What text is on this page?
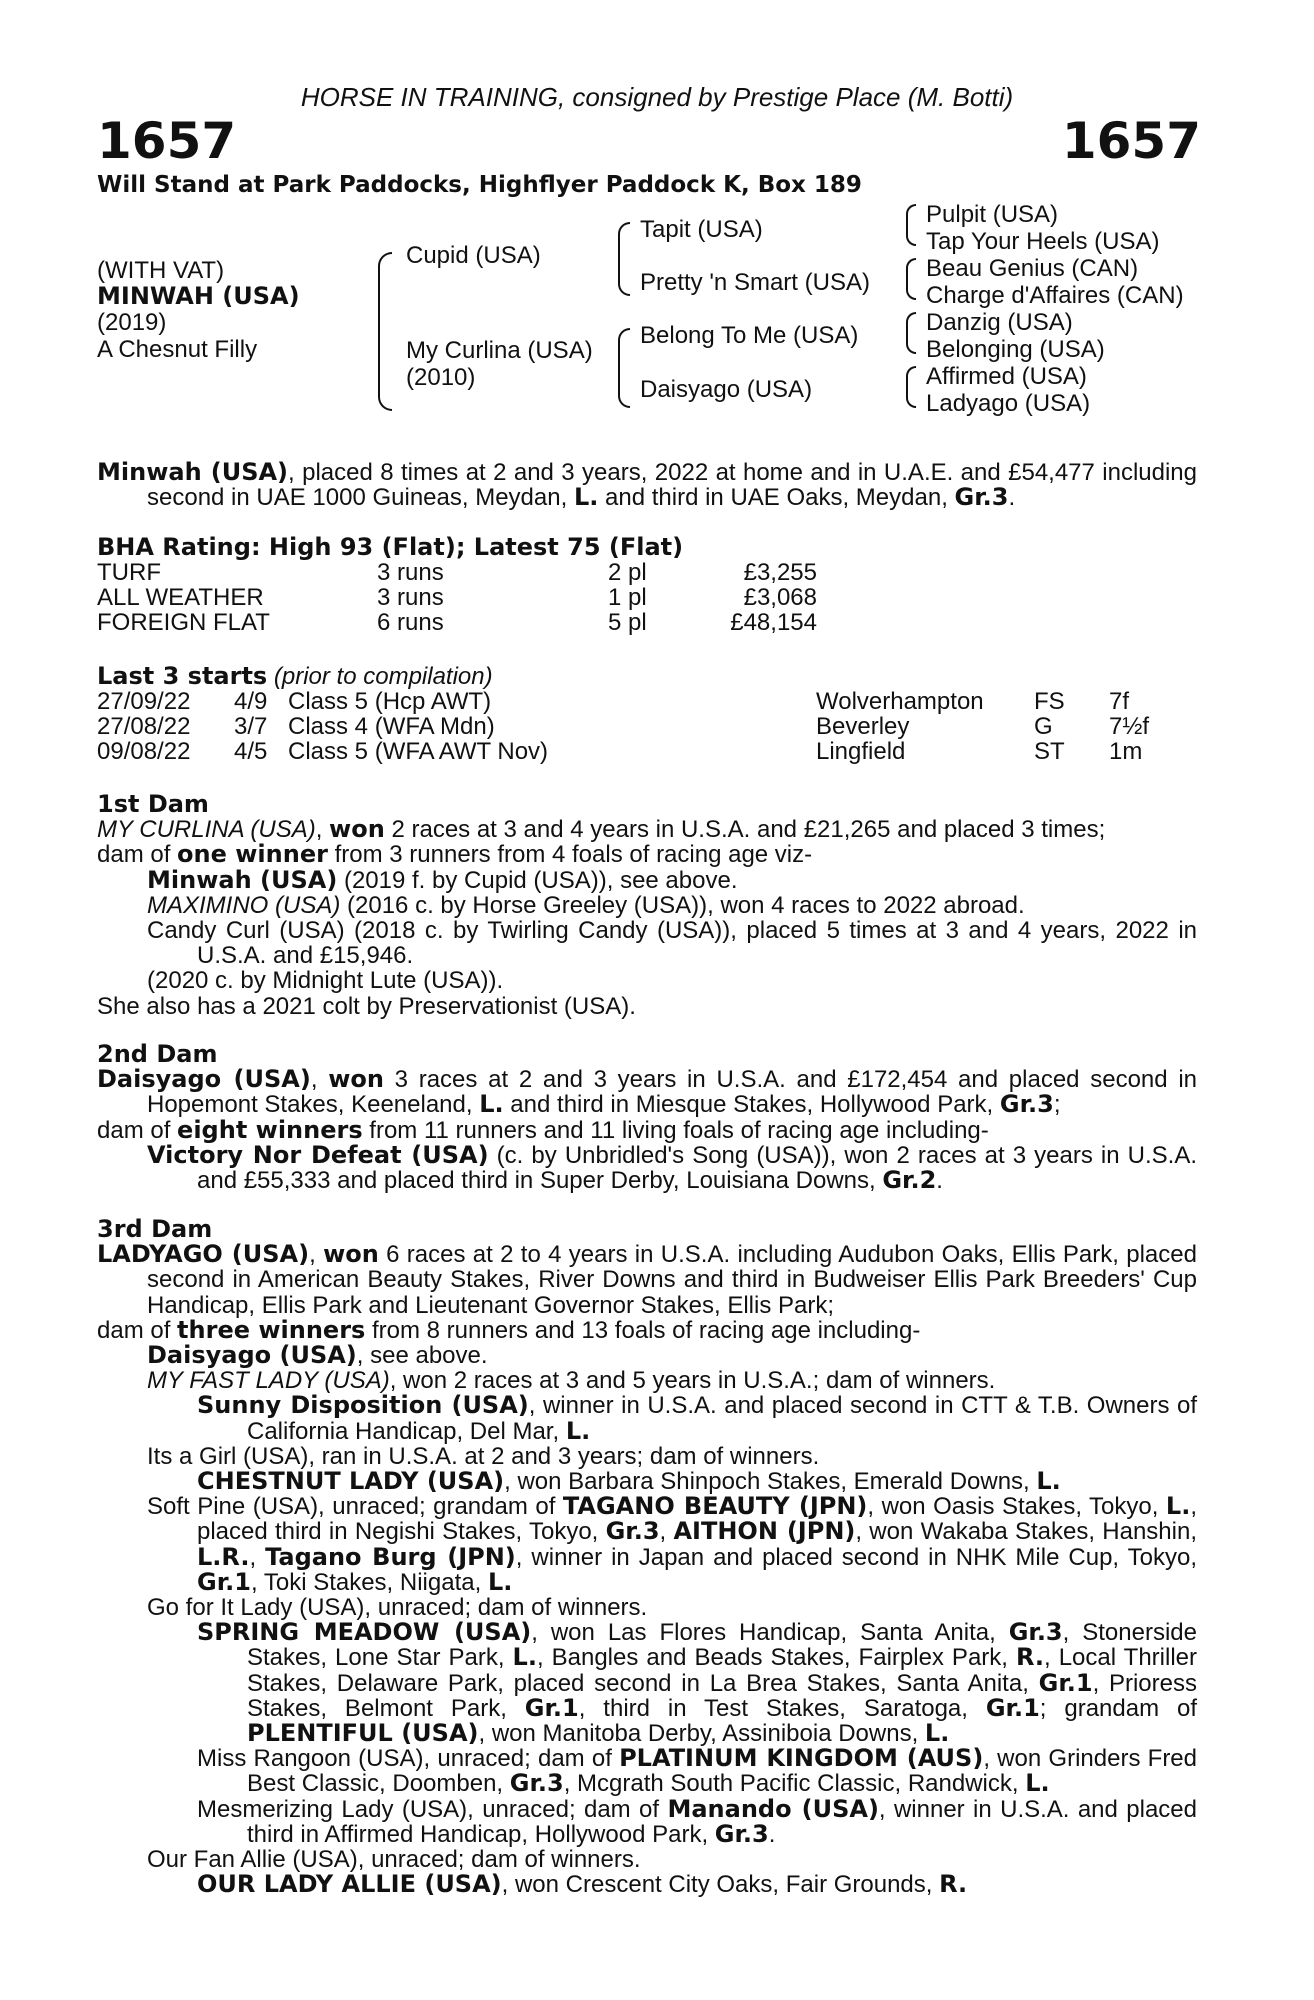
HORSE IN TRAINING, consigned by Prestige Place (M. Botti)
1657	1657
Will Stand at Park Paddocks, Highflyer Paddock K, Box 189
(WITH VAT)
MINWAH (USA)
(2019)
A Chesnut Filly
Cupid (USA)
My Curlina (USA)
(2010)
Tapit (USA)
Pretty 'n Smart (USA)
Belong To Me (USA)
Daisyago (USA)
Pulpit (USA)
Tap Your Heels (USA)
Beau Genius (CAN)
Charge d'Affaires (CAN)
Danzig (USA)
Belonging (USA)
Affirmed (USA)
Ladyago (USA)

Minwah (USA), placed 8 times at 2 and 3 years, 2022 at home and in U.A.E. and £54,477 including second in UAE 1000 Guineas, Meydan, L. and third in UAE Oaks, Meydan, Gr.3.

BHA Rating: High 93 (Flat); Latest 75 (Flat)

TURF	3 runs	2 pl	£3,255
ALL WEATHER	3 runs	1 pl	£3,068
FOREIGN FLAT	6 runs	5 pl	£48,154

Last 3 starts (prior to compilation)

27/09/22 4/9 Class 5 (Hcp AWT)	Wolverhampton FS 7f
27/08/22 3/7 Class 4 (WFA Mdn)	Beverley	G 7½f
09/08/22 4/5 Class 5 (WFA AWT Nov)	Lingfield	ST 1m

1st Dam

MY CURLINA (USA), won 2 races at 3 and 4 years in U.S.A. and £21,265 and placed 3 times;

dam of one winner from 3 runners from 4 foals of racing age viz-

Minwah (USA) (2019 f. by Cupid (USA)), see above.

MAXIMINO (USA) (2016 c. by Horse Greeley (USA)), won 4 races to 2022 abroad.

Candy Curl (USA) (2018 c. by Twirling Candy (USA)), placed 5 times at 3 and 4 years, 2022 in U.S.A. and £15,946.

(2020 c. by Midnight Lute (USA)).

She also has a 2021 colt by Preservationist (USA).

2nd Dam

Daisyago (USA), won 3 races at 2 and 3 years in U.S.A. and £172,454 and placed second in Hopemont Stakes, Keeneland, L. and third in Miesque Stakes, Hollywood Park, Gr.3;

dam of eight winners from 11 runners and 11 living foals of racing age including-

Victory Nor Defeat (USA) (c. by Unbridled's Song (USA)), won 2 races at 3 years in U.S.A. and £55,333 and placed third in Super Derby, Louisiana Downs, Gr.2.

3rd Dam

LADYAGO (USA), won 6 races at 2 to 4 years in U.S.A. including Audubon Oaks, Ellis Park, placed second in American Beauty Stakes, River Downs and third in Budweiser Ellis Park Breeders' Cup Handicap, Ellis Park and Lieutenant Governor Stakes, Ellis Park;

dam of three winners from 8 runners and 13 foals of racing age including-

Daisyago (USA), see above.

MY FAST LADY (USA), won 2 races at 3 and 5 years in U.S.A.; dam of winners.

Sunny Disposition (USA), winner in U.S.A. and placed second in CTT & T.B. Owners of California Handicap, Del Mar, L.

Its a Girl (USA), ran in U.S.A. at 2 and 3 years; dam of winners.

CHESTNUT LADY (USA), won Barbara Shinpoch Stakes, Emerald Downs, L.

Soft Pine (USA), unraced; grandam of TAGANO BEAUTY (JPN), won Oasis Stakes, Tokyo, L., placed third in Negishi Stakes, Tokyo, Gr.3, AITHON (JPN), won Wakaba Stakes, Hanshin, L.R., Tagano Burg (JPN), winner in Japan and placed second in NHK Mile Cup, Tokyo, Gr.1, Toki Stakes, Niigata, L.

Go for It Lady (USA), unraced; dam of winners.

SPRING MEADOW (USA), won Las Flores Handicap, Santa Anita, Gr.3, Stonerside Stakes, Lone Star Park, L., Bangles and Beads Stakes, Fairplex Park, R., Local Thriller Stakes, Delaware Park, placed second in La Brea Stakes, Santa Anita, Gr.1, Prioress Stakes, Belmont Park, Gr.1, third in Test Stakes, Saratoga, Gr.1; grandam of PLENTIFUL (USA), won Manitoba Derby, Assiniboia Downs, L.

Miss Rangoon (USA), unraced; dam of PLATINUM KINGDOM (AUS), won Grinders Fred Best Classic, Doomben, Gr.3, Mcgrath South Pacific Classic, Randwick, L.

Mesmerizing Lady (USA), unraced; dam of Manando (USA), winner in U.S.A. and placed third in Affirmed Handicap, Hollywood Park, Gr.3.

Our Fan Allie (USA), unraced; dam of winners.

OUR LADY ALLIE (USA), won Crescent City Oaks, Fair Grounds, R.
